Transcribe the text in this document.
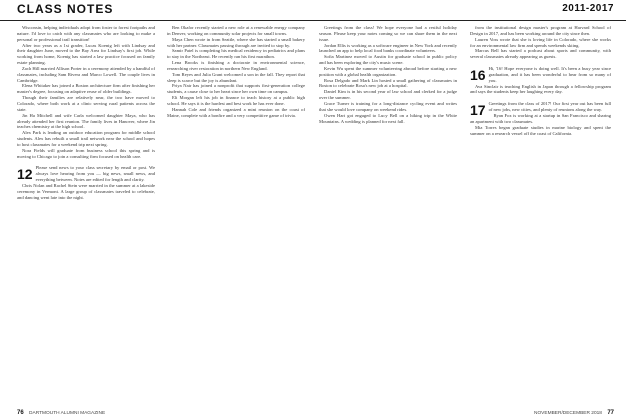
CLASS NOTES	2011-2017

Wisconsin, helping individuals adopt from foster to forest footpaths and nature. I'd love to catch with any classmates who are looking to make a personal or professional trail transition!

After two years as a 1st grader, Lucas Koenig left with Lindsay and their daughter June, moved to the Bay Area for Lindsay's first job. While working from home, Koenig has started a law practice focused on family estate planning.

Zach Hill married Allison Porter in a ceremony attended by a handful of classmates, including Sam Rivera and Marco Lowell. The couple lives in Cambridge.

Elena Whitaker has joined a Boston architecture firm after finishing her master's degree, focusing on adaptive reuse of older buildings.

Though their families are relatively near, the two have moved to Colorado, where both work at a clinic serving rural patients across the state.

Jin Ha Mitchell and wife Carla welcomed daughter Maya, who has already attended her first reunion. The family lives in Hanover, where Jin teaches chemistry at the high school.

Alex Park is leading an outdoor education program for middle school students. Alex has rebuilt a small trail network near the school and hopes to host classmates for a weekend trip next spring.

Nora Fields will graduate from business school this spring and is moving to Chicago to join a consulting firm focused on health care.

12 Please send news to your class secretary by email or post. We always love hearing from you — big news, small news, and everything between. Notes are edited for length and clarity.

Chris Nolan and Rachel Stein were married in the summer at a lakeside ceremony in Vermont. A large group of classmates traveled to celebrate, and dancing went late into the night.

Ben Okafor recently started a new role at a renewable energy company in Denver, working on community solar projects for small towns.

Maya Chen wrote in from Seattle, where she has started a small bakery with her partner. Classmates passing through are invited to stop by.

Samir Patel is completing his medical residency in pediatrics and plans to stay in the Northeast. He recently ran his first marathon.

Lena Brooks is finishing a doctorate in environmental science, researching river restoration in northern New England.

Tom Reyes and Julia Grant welcomed a son in the fall. They report that sleep is scarce but the joy is abundant.

Priya Nair has joined a nonprofit that supports first-generation college students, a cause close to her heart since her own time on campus.

Eli Morgan left his job in finance to teach history at a public high school. He says it is the hardest and best work he has ever done.

Hannah Cole and friends organized a mini reunion on the coast of Maine, complete with a bonfire and a very competitive game of trivia.

Greetings from the class! We hope everyone had a restful holiday season. Please keep your notes coming so we can share them in the next issue.

Jordan Ellis is working as a software engineer in New York and recently launched an app to help local food banks coordinate volunteers.

Sofia Martinez moved to Austin for graduate school in public policy and has been exploring the city's music scene.

Kevin Wu spent the summer volunteering abroad before starting a new position with a global health organization.

Rosa Delgado and Mark Lin hosted a small gathering of classmates in Boston to celebrate Rosa's new job at a hospital.

Daniel Kim is in his second year of law school and clerked for a judge over the summer.

Grace Turner is training for a long-distance cycling event and writes that she would love company on weekend rides.

Owen Hart got engaged to Lucy Bell on a hiking trip in the White Mountains. A wedding is planned for next fall.

from the institutional design master's program at Harvard School of Design in 2017, and has been working around the city since then.

Lauren Voss wrote that she is loving life in Colorado, where she works for an environmental law firm and spends weekends skiing.

Marcus Bell has started a podcast about sports and community, with several classmates already appearing as guests.

16 Hi, '16! Hope everyone is doing well. It's been a busy year since graduation, and it has been wonderful to hear from so many of you.

Ava Sinclair is teaching English in Japan through a fellowship program and says the students keep her laughing every day.

17 Greetings from the class of 2017! Our first year out has been full of new jobs, new cities, and plenty of reunions along the way.

Ryan Fox is working at a startup in San Francisco and sharing an apartment with two classmates.

Mia Torres began graduate studies in marine biology and spent the summer on a research vessel off the coast of California.

76 DARTMOUTH ALUMNI MAGAZINE	NOVEMBER/DECEMBER 2018 77
